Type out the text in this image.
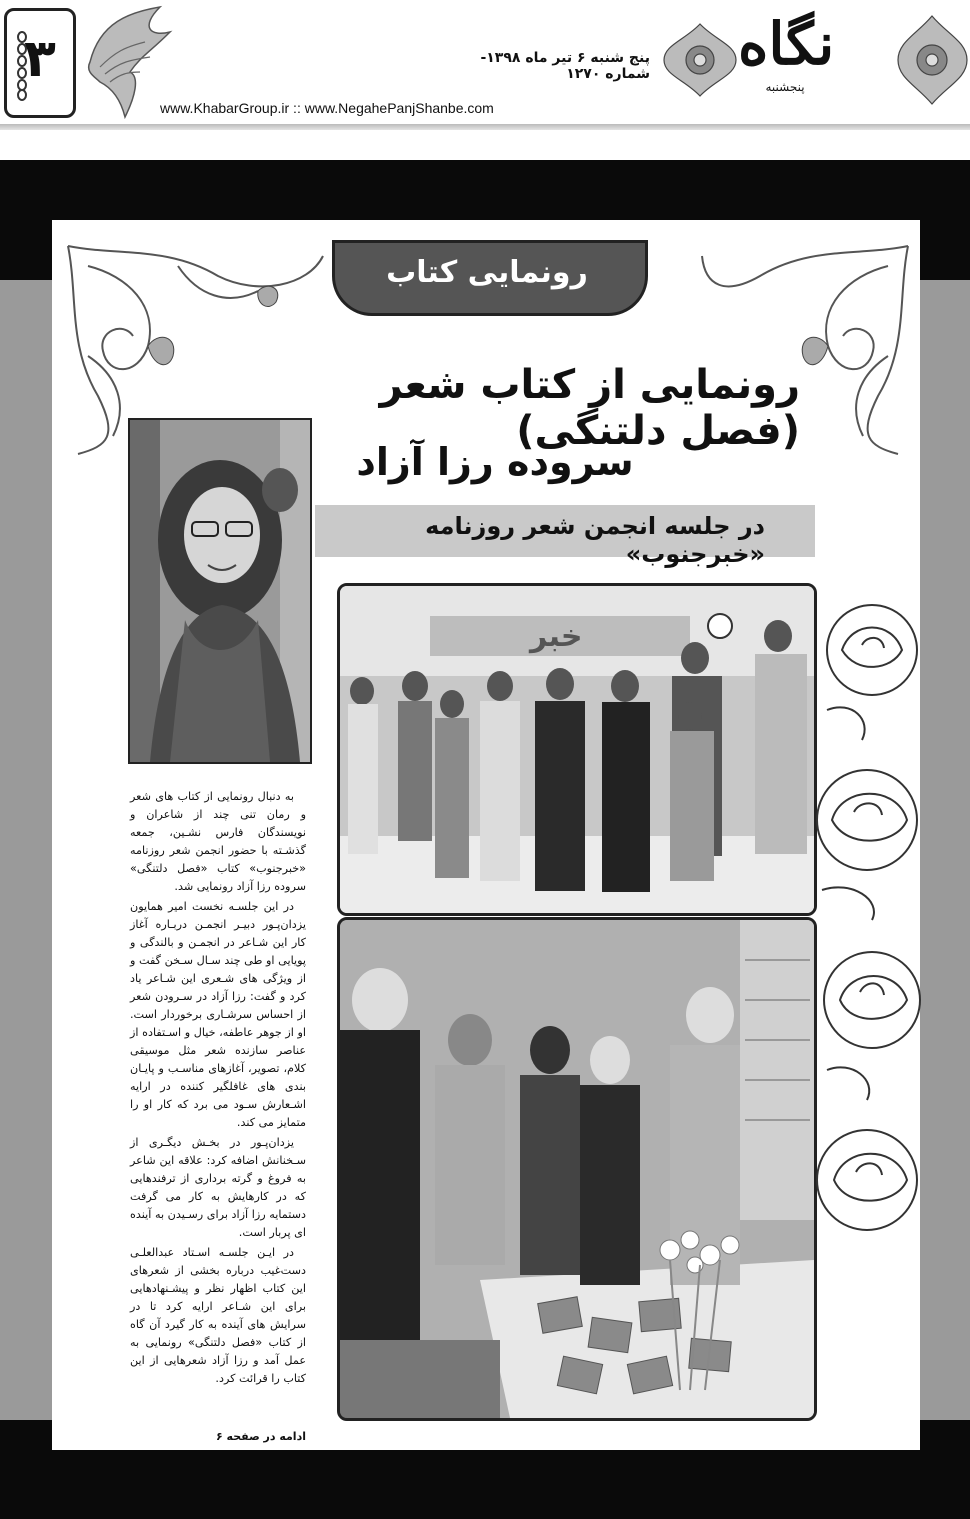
۳	پنج شنبه ۶ تیر ماه ۱۳۹۸- شماره ۱۲۷۰
www.KhabarGroup.ir :: www.NegahePanjShanbe.com
نگاه
پنجشنبه
رونمایی کتاب
رونمایی از کتاب شعر (فصل دلتنگی)
سروده رزا آزاد
در جلسه انجمن شعر روزنامه «خبرجنوب»
خبر

به دنبال رونمایی از کتاب های شعر و رمان تنی چند از شاعران و نویسندگان فارس نشـین، جمعه گذشـته با حضور انجمن شعر روزنامه «خبرجنوب» کتاب «فصل دلتنگی» سروده رزا آزاد رونمایی شد.

در این جلسـه نخست امیر همایون یزدان‌پـور دبیـر انجمـن دربـاره آغاز کار این شـاعر در انجمـن و بالندگی و پویایی او طی چند سـال سـخن گفت و از ویژگی های شـعری این شـاعر یاد کرد و گفت: رزا آزاد در سـرودن شعر از احساس سرشـاری برخوردار است. او از جوهر عاطفه، خیال و اسـتفاده از عناصر سازنده شعر مثل موسیقی کلام، تصویر، آغازهای مناسـب و پایـان بندی های غافلگیر کننده در ارایه اشـعارش سـود می برد که کار او را متمایز می کند.

یزدان‌پـور در بخـش دیگـری از سـخنانش اضافه کرد: علاقه این شاعر به فروغ و گرته برداری از ترفندهایی که در کارهایش به کار می گرفت دستمایه رزا آزاد برای رسـیدن به آینده ای پربار است.

در ایـن جلسـه اسـتاد عبدالعلـی دست‌غیب درباره بخشی از شعرهای این کتاب اظهار نظر و پیشـنهادهایی برای این شـاعر ارایه کرد تا در سرایش های آینده به کار گیرد آن گاه از کتاب «فصل دلتنگی» رونمایی به عمل آمد و رزا آزاد شعرهایی از این کتاب را قرائت کرد.

ادامه در صفحه ۶
